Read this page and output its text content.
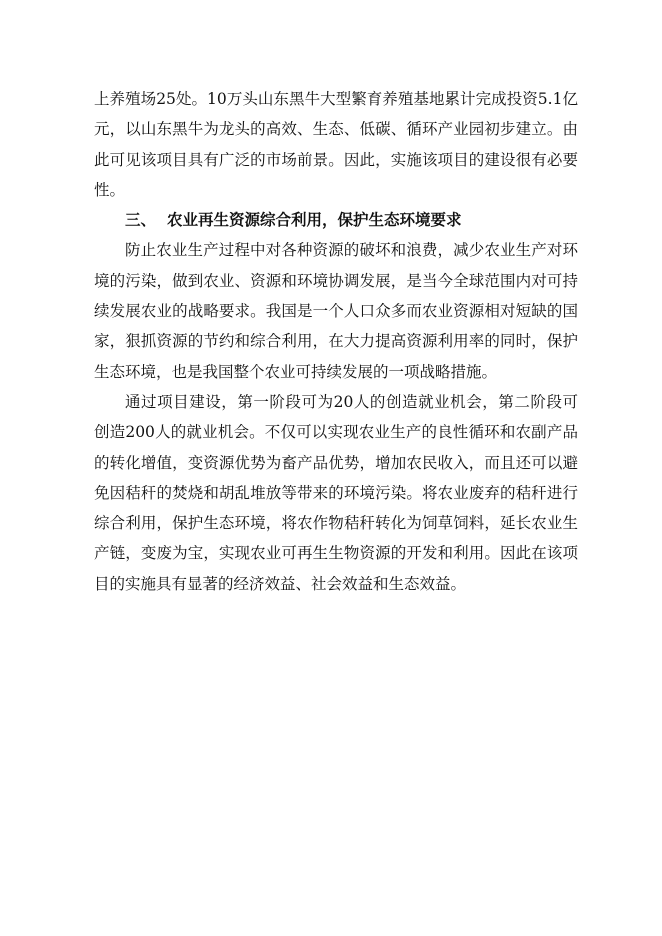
上养殖场25处。10万头山东黑牛大型繁育养殖基地累计完成投资5.1亿元，以山东黑牛为龙头的高效、生态、低碳、循环产业园初步建立。由此可见该项目具有广泛的市场前景。因此，实施该项目的建设很有必要性。

三、 农业再生资源综合利用，保护生态环境要求

防止农业生产过程中对各种资源的破坏和浪费，减少农业生产对环境的污染，做到农业、资源和环境协调发展，是当今全球范围内对可持续发展农业的战略要求。我国是一个人口众多而农业资源相对短缺的国家，狠抓资源的节约和综合利用，在大力提高资源利用率的同时，保护生态环境，也是我国整个农业可持续发展的一项战略措施。

通过项目建设，第一阶段可为20人的创造就业机会，第二阶段可创造200人的就业机会。不仅可以实现农业生产的良性循环和农副产品的转化增值，变资源优势为畜产品优势，增加农民收入，而且还可以避免因秸秆的焚烧和胡乱堆放等带来的环境污染。将农业废弃的秸秆进行综合利用，保护生态环境，将农作物秸秆转化为饲草饲料，延长农业生产链，变废为宝，实现农业可再生生物资源的开发和利用。因此在该项目的实施具有显著的经济效益、社会效益和生态效益。
